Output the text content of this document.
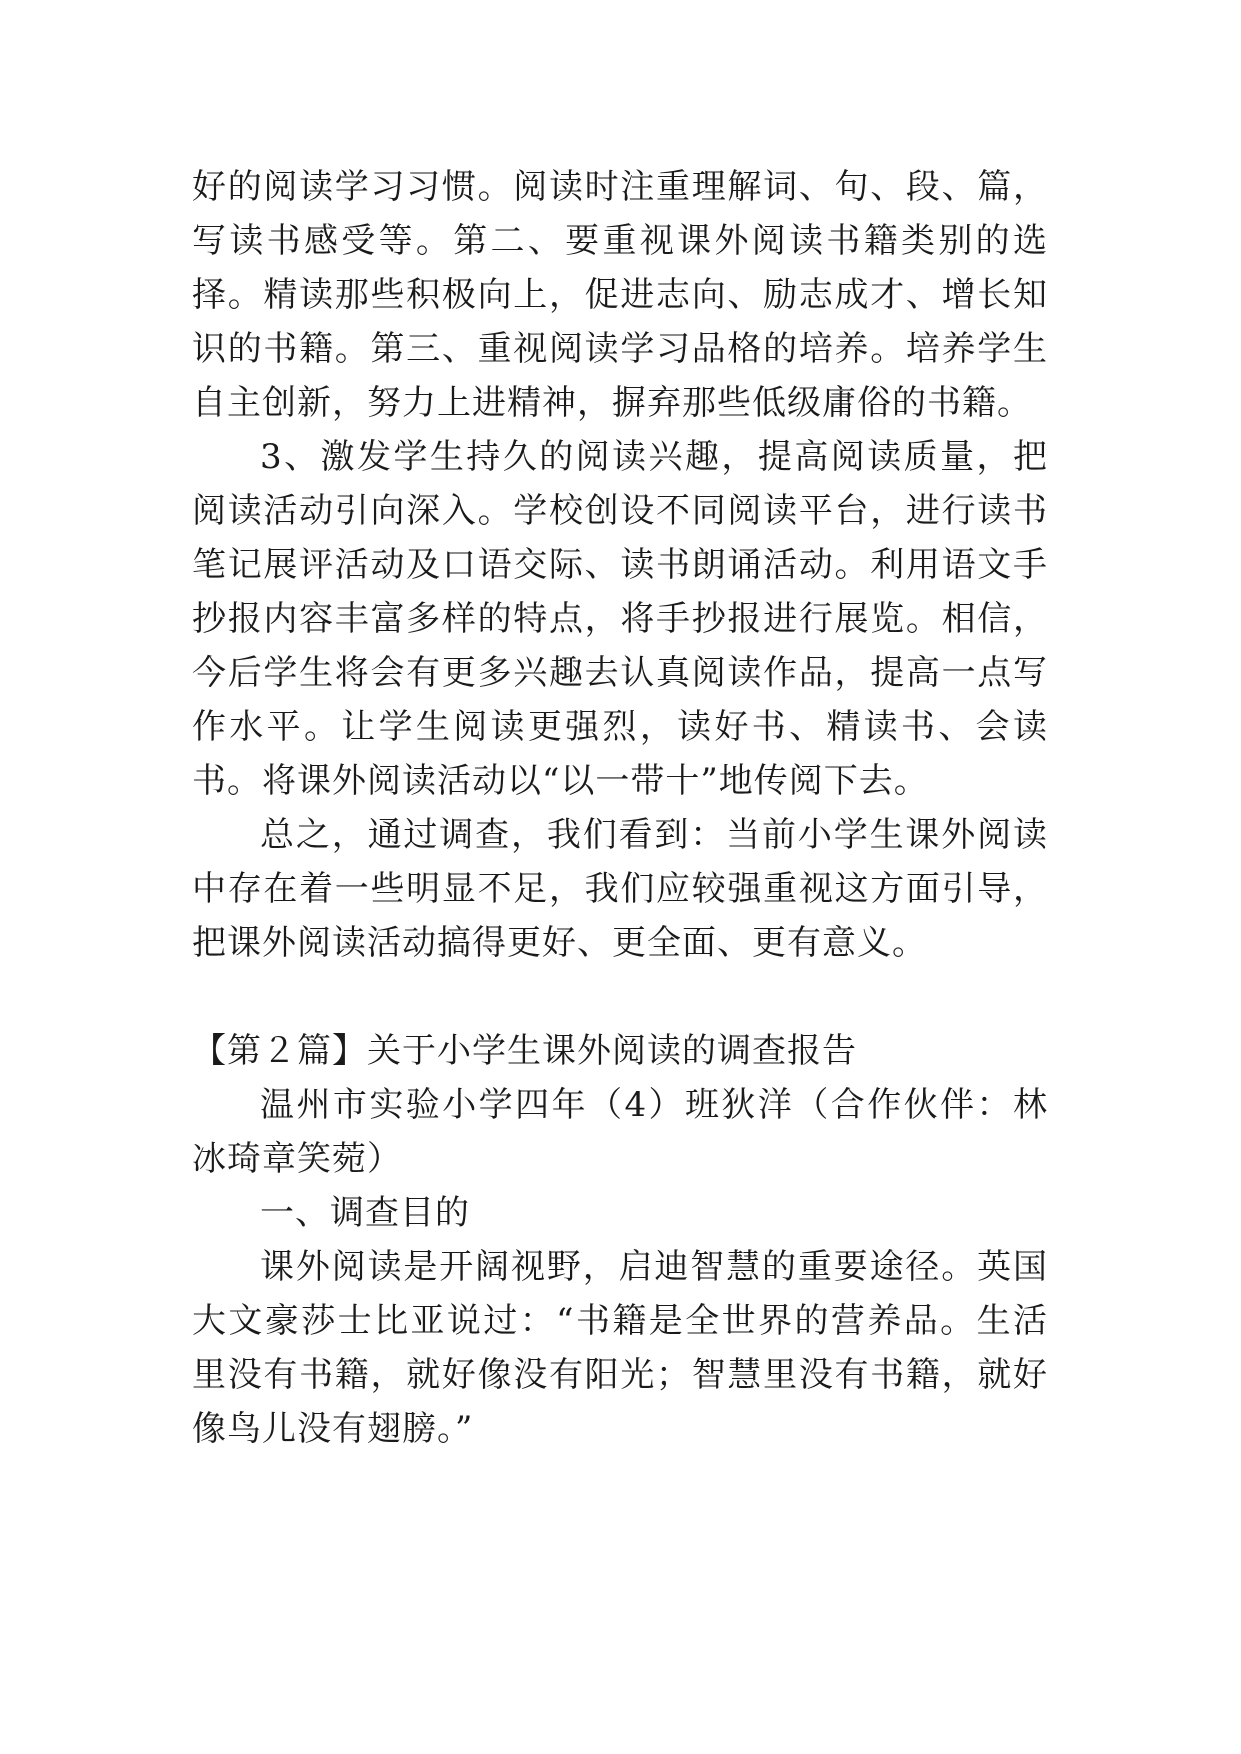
好的阅读学习习惯。阅读时注重理解词、句、段、篇，写读书感受等。第二、要重视课外阅读书籍类别的选择。精读那些积极向上，促进志向、励志成才、增长知识的书籍。第三、重视阅读学习品格的培养。培养学生自主创新，努力上进精神，摒弃那些低级庸俗的书籍。

3、激发学生持久的阅读兴趣，提高阅读质量，把阅读活动引向深入。学校创设不同阅读平台，进行读书笔记展评活动及口语交际、读书朗诵活动。利用语文手抄报内容丰富多样的特点，将手抄报进行展览。相信，今后学生将会有更多兴趣去认真阅读作品，提高一点写作水平。让学生阅读更强烈，读好书、精读书、会读书。将课外阅读活动以“以一带十”地传阅下去。

总之，通过调查，我们看到：当前小学生课外阅读中存在着一些明显不足，我们应较强重视这方面引导，把课外阅读活动搞得更好、更全面、更有意义。

【第２篇】关于小学生课外阅读的调查报告

温州市实验小学四年（4）班狄洋（合作伙伴：林冰琦章笑菀）

一、调查目的

课外阅读是开阔视野，启迪智慧的重要途径。英国大文豪莎士比亚说过：“书籍是全世界的营养品。生活里没有书籍，就好像没有阳光；智慧里没有书籍，就好像鸟儿没有翅膀。”
